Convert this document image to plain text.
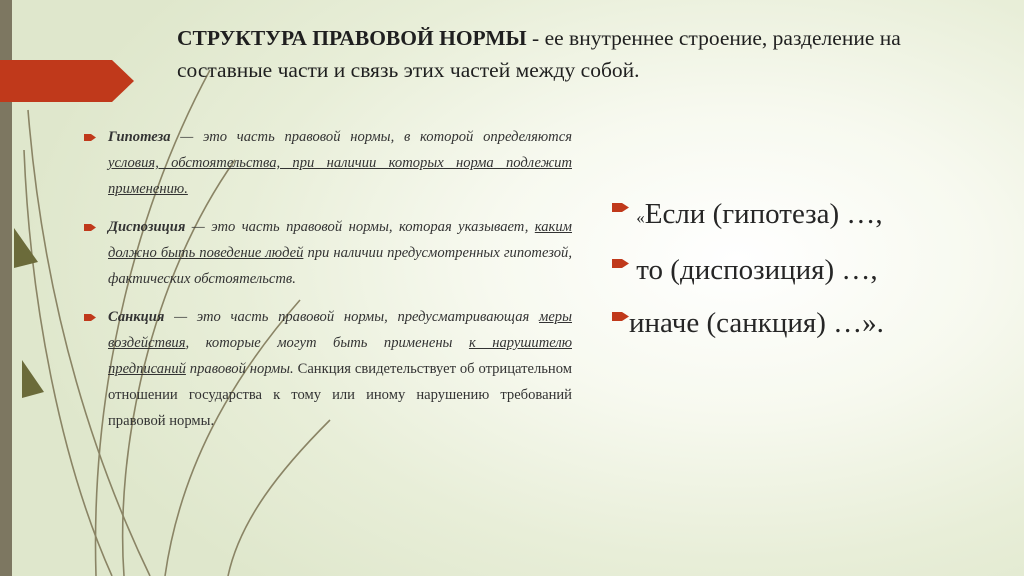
СТРУКТУРА ПРАВОВОЙ НОРМЫ - ее внутреннее строение, разделение на составные части и связь этих частей между собой.
Гипотеза — это часть правовой нормы, в которой определяются условия, обстоятельства, при наличии которых норма подлежит применению.
Диспозиция — это часть правовой нормы, которая указывает, каким должно быть поведение людей при наличии предусмотренных гипотезой, фактических обстоятельств.
Санкция — это часть правовой нормы, предусматривающая меры воздействия, которые могут быть применены к нарушителю предписаний правовой нормы. Санкция свидетельствует об отрицательном отношении государства к тому или иному нарушению требований правовой нормы.
«Если (гипотеза) …,
то (диспозиция) …,
иначе (санкция) …».
